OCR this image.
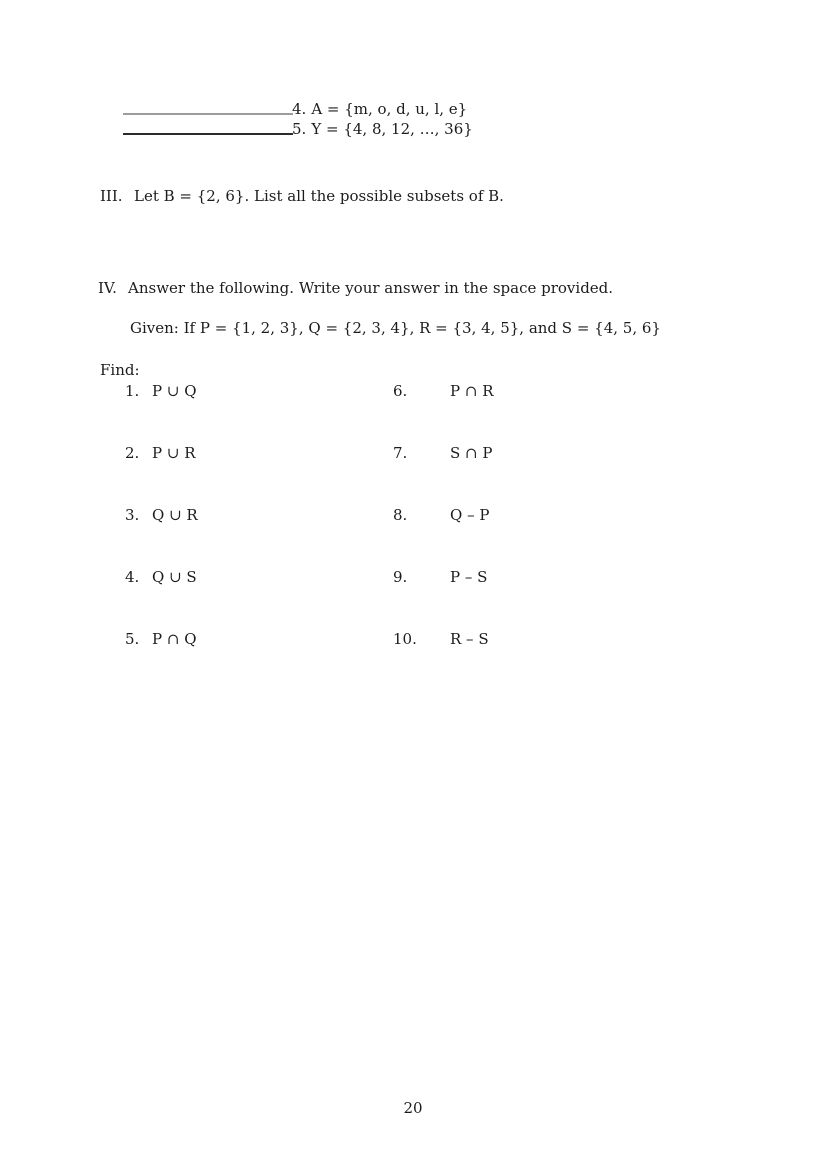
4. A = {m, o, d, u, l, e}
5. Y = {4, 8, 12, …, 36}
III. Let B = {2, 6}. List all the possible subsets of B.
IV. Answer the following. Write your answer in the space provided.
Given: If P = {1, 2, 3}, Q = {2, 3, 4}, R = {3, 4, 5}, and S = {4, 5, 6}
Find:
1. P ∪ Q
2. P ∪ R
3. Q ∪ R
4. Q ∪ S
5. P ∩ Q
6.	P ∩ R
7.	S ∩ P
8.	Q – P
9.	P – S
10. R – S
20
